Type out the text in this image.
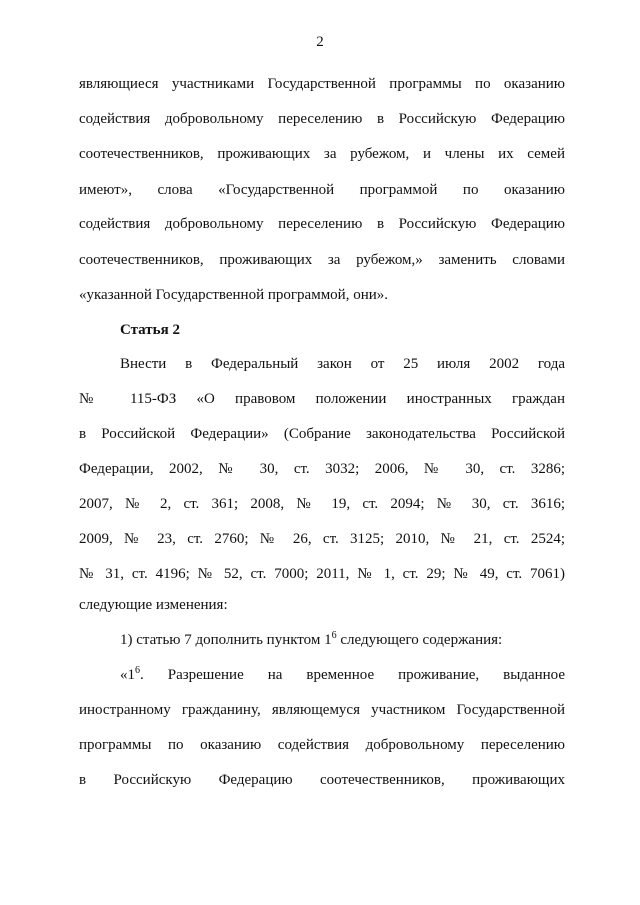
2
являющиеся участниками Государственной программы по оказанию
содействия добровольному переселению в Российскую Федерацию
соотечественников, проживающих за рубежом, и члены их семей
имеют», слова «Государственной программой по оказанию
содействия добровольному переселению в Российскую Федерацию
соотечественников, проживающих за рубежом,» заменить словами
«указанной Государственной программой, они».
Статья 2
Внести в Федеральный закон от 25 июля 2002 года
№ 115-ФЗ «О правовом положении иностранных граждан
в Российской Федерации» (Собрание законодательства Российской
Федерации, 2002, № 30, ст. 3032; 2006, № 30, ст. 3286;
2007, № 2, ст. 361; 2008, № 19, ст. 2094; № 30, ст. 3616;
2009, № 23, ст. 2760; № 26, ст. 3125; 2010, № 21, ст. 2524;
№ 31, ст. 4196; № 52, ст. 7000; 2011, № 1, ст. 29; № 49, ст. 7061)
следующие изменения:
1) статью 7 дополнить пунктом $1^6$ следующего содержания:
«$1^6$. Разрешение на временное проживание, выданное
иностранному гражданину, являющемуся участником Государственной
программы по оказанию содействия добровольному переселению
в Российскую Федерацию соотечественников, проживающих
